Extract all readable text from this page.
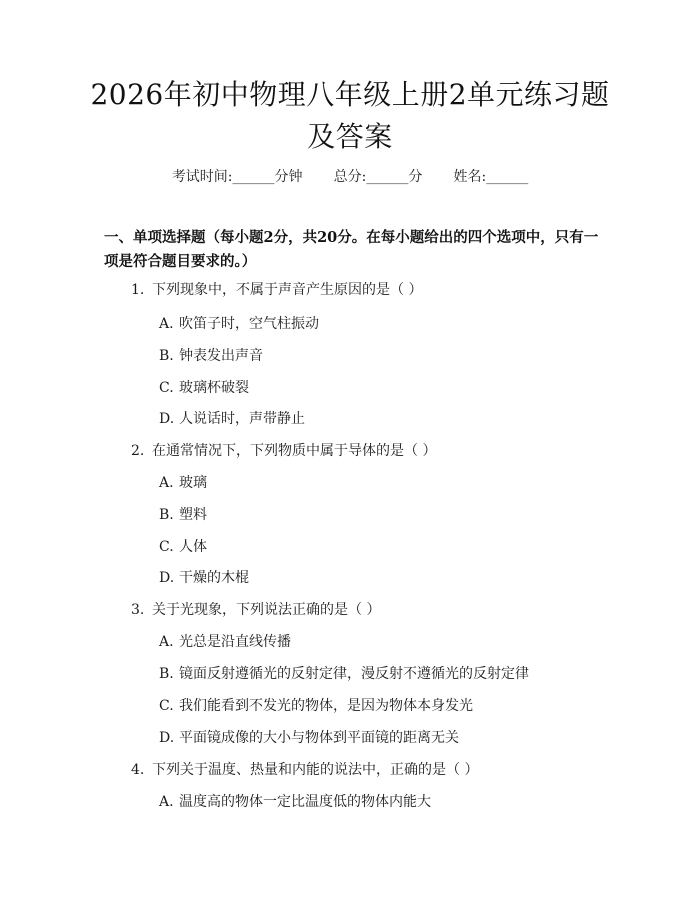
2026年初中物理八年级上册2单元练习题及答案
考试时间:______分钟 总分:______分 姓名:______
一、单项选择题（每小题2分，共20分。在每小题给出的四个选项中，只有一项是符合题目要求的。）
1. 下列现象中，不属于声音产生原因的是（ ）
A. 吹笛子时，空气柱振动
B. 钟表发出声音
C. 玻璃杯破裂
D. 人说话时，声带静止
2. 在通常情况下，下列物质中属于导体的是（ ）
A. 玻璃
B. 塑料
C. 人体
D. 干燥的木棍
3. 关于光现象，下列说法正确的是（ ）
A. 光总是沿直线传播
B. 镜面反射遵循光的反射定律，漫反射不遵循光的反射定律
C. 我们能看到不发光的物体，是因为物体本身发光
D. 平面镜成像的大小与物体到平面镜的距离无关
4. 下列关于温度、热量和内能的说法中，正确的是（ ）
A. 温度高的物体一定比温度低的物体内能大
